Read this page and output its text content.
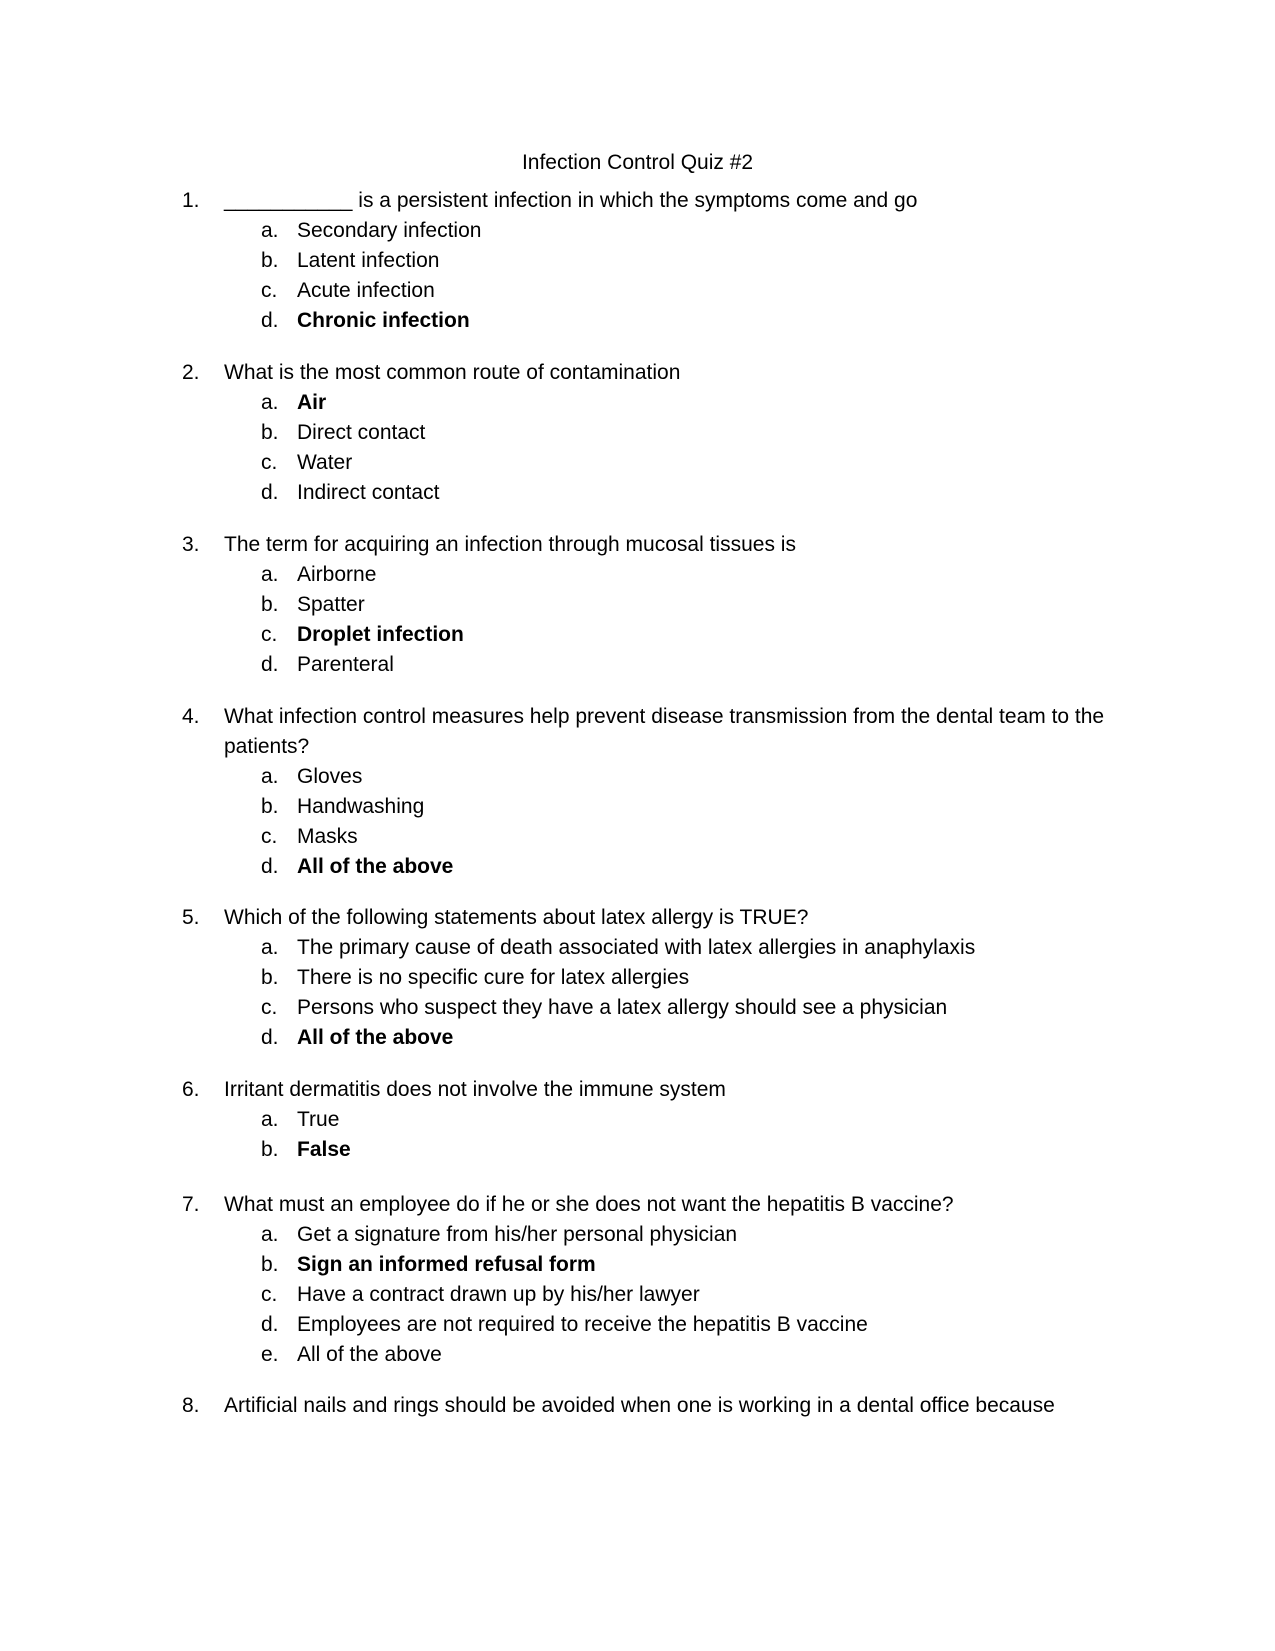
Infection Control Quiz #2
1.	___________ is a persistent infection in which the symptoms come and go
a. Secondary infection
b. Latent infection
c. Acute infection
d. Chronic infection
2.	What is the most common route of contamination
a. Air
b. Direct contact
c. Water
d. Indirect contact
3.	The term for acquiring an infection through mucosal tissues is
a. Airborne
b. Spatter
c. Droplet infection
d. Parenteral
4.	What infection control measures help prevent disease transmission from the dental team to the patients?
a. Gloves
b. Handwashing
c. Masks
d. All of the above
5.	Which of the following statements about latex allergy is TRUE?
a. The primary cause of death associated with latex allergies in anaphylaxis
b. There is no specific cure for latex allergies
c. Persons who suspect they have a latex allergy should see a physician
d. All of the above
6.	Irritant dermatitis does not involve the immune system
a. True
b. False
7.	What must an employee do if he or she does not want the hepatitis B vaccine?
a. Get a signature from his/her personal physician
b. Sign an informed refusal form
c. Have a contract drawn up by his/her lawyer
d. Employees are not required to receive the hepatitis B vaccine
e. All of the above
8.	Artificial nails and rings should be avoided when one is working in a dental office because
